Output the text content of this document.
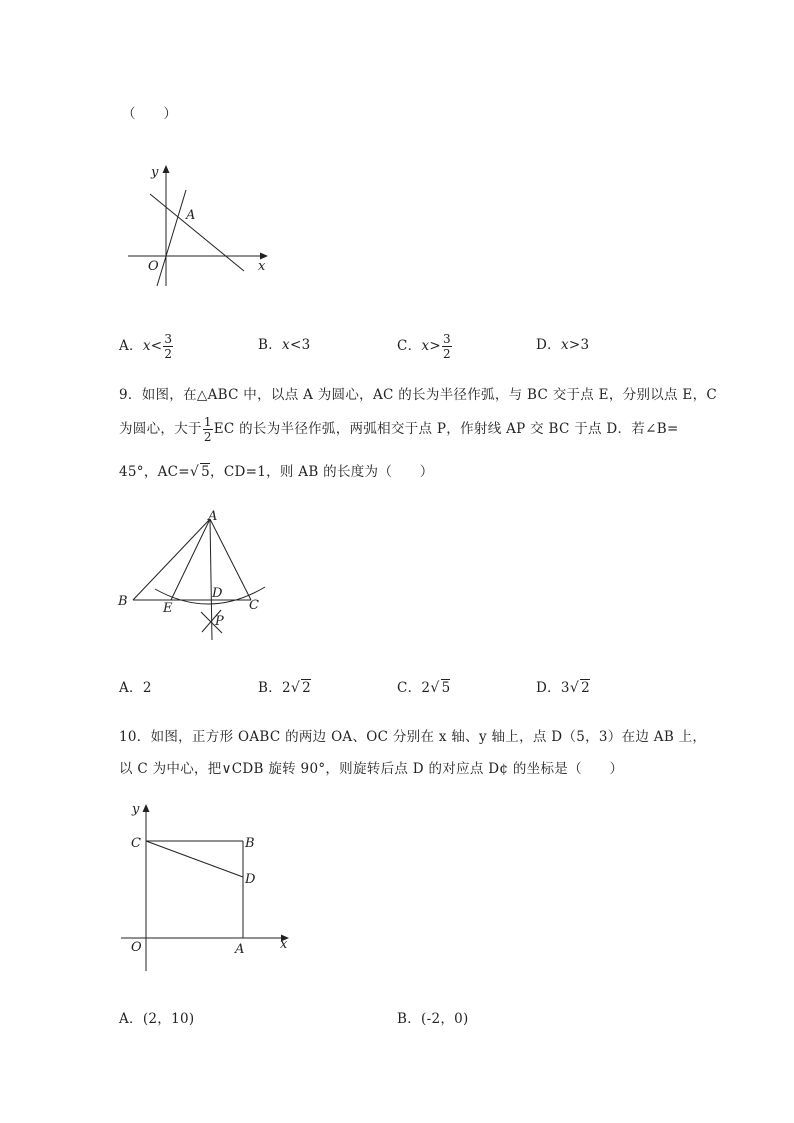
（　　）
y
A
O	x
A．$x< \frac{3}{2}$	B．x<3	C．$x> \frac{3}{2}$	D．x>3
9．如图，在△ABC 中，以点 A 为圆心，AC 的长为半径作弧，与 BC 交于点 E，分别以点 E，C
为圆心，大于 $\frac{1}{2}$ EC 的长为半径作弧，两弧相交于点 P，作射线 AP 交 BC 于点 D．若∠B=
45°，AC=√ 5，CD=1，则 AB 的长度为（　　）
A
B	E
D
C
P
A．2	B．2√ 2	C．2√ 5	D．3√ 2
10．如图，正方形 OABC 的两边 OA、OC 分别在 x 轴、y 轴上，点 D（5，3）在边 AB 上，
以 C 为中心，把∨CDB 旋转 90°，则旋转后点 D 的对应点 D¢ 的坐标是（　　）
y
C	B
D
O	A	x
A．(2，10)	B．(-2，0)
